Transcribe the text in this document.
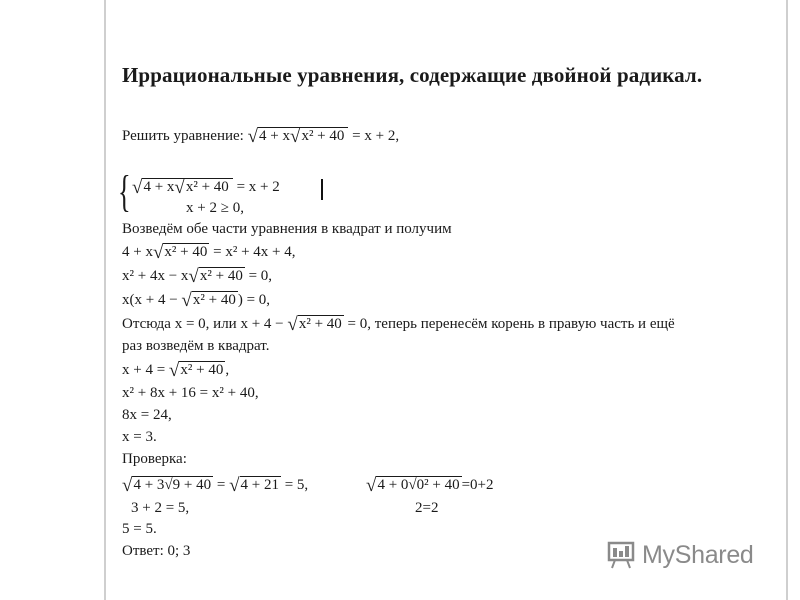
Иррациональные уравнения, содержащие двойной радикал.
Решить уравнение: √4 + x√x² + 40 = x + 2,
{ √4 + x√x² + 40 = x + 2
x + 2 ≥ 0,
Возведём обе части уравнения в квадрат и получим
4 + x√x² + 40 = x² + 4x + 4,
x² + 4x − x√x² + 40 = 0,
x(x + 4 − √x² + 40 ) = 0,
Отсюда x = 0, или x + 4 − √x² + 40 = 0, теперь перенесём корень в правую часть и ещё
раз возведём в квадрат.
x + 4 = √x² + 40 ,
x² + 8x + 16 = x² + 40,
8x = 24,
x = 3.
Проверка:
√4 + 3√9 + 40 = √4 + 21 = 5,	√4 + 0√0² + 40 =0+2
3 + 2 = 5,	2=2
5 = 5.
Ответ: 0; 3	MyShared
